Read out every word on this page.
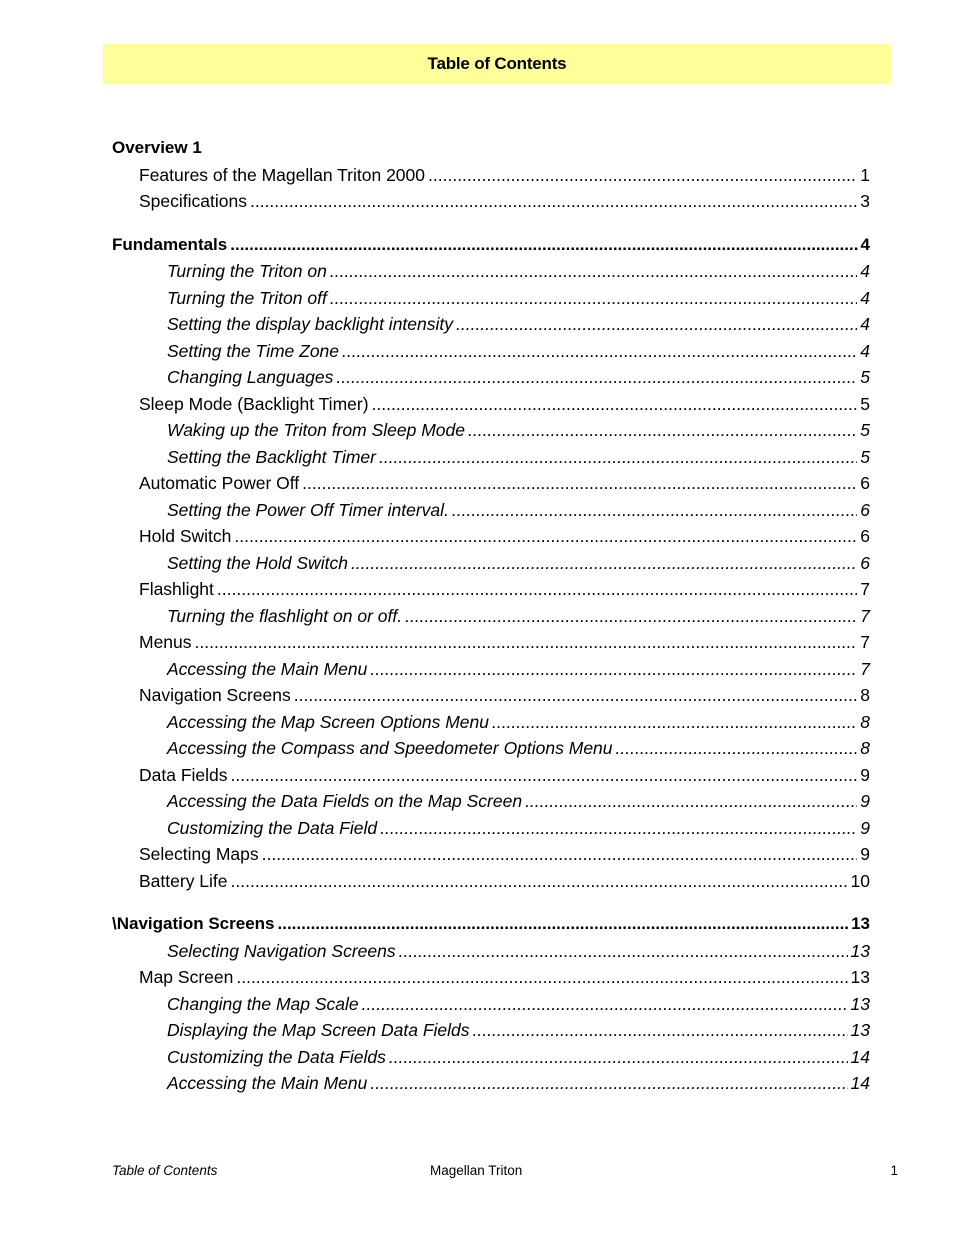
Table of Contents
Overview 1
Features of the Magellan Triton 2000 .....	1
Specifications .....	3
Fundamentals .....	4
Turning the Triton on .....	4
Turning the Triton off .....	4
Setting the display backlight intensity .....	4
Setting the Time Zone .....	4
Changing Languages .....	5
Sleep Mode (Backlight Timer) .....	5
Waking up the Triton from Sleep Mode .....	5
Setting the Backlight Timer .....	5
Automatic Power Off .....	6
Setting the Power Off Timer interval. .....	6
Hold Switch .....	6
Setting the Hold Switch .....	6
Flashlight .....	7
Turning the flashlight on or off. .....	7
Menus .....	7
Accessing the Main Menu .....	7
Navigation Screens .....	8
Accessing the Map Screen Options Menu .....	8
Accessing the Compass and Speedometer Options Menu .....	8
Data Fields .....	9
Accessing the Data Fields on the Map Screen .....	9
Customizing the Data Field .....	9
Selecting Maps .....	9
Battery Life .....	10
\Navigation Screens .....	13
Selecting Navigation Screens .....	13
Map Screen .....	13
Changing the Map Scale .....	13
Displaying the Map Screen Data Fields .....	13
Customizing the Data Fields .....	14
Accessing the Main Menu .....	14
Table of Contents	Magellan Triton	1
